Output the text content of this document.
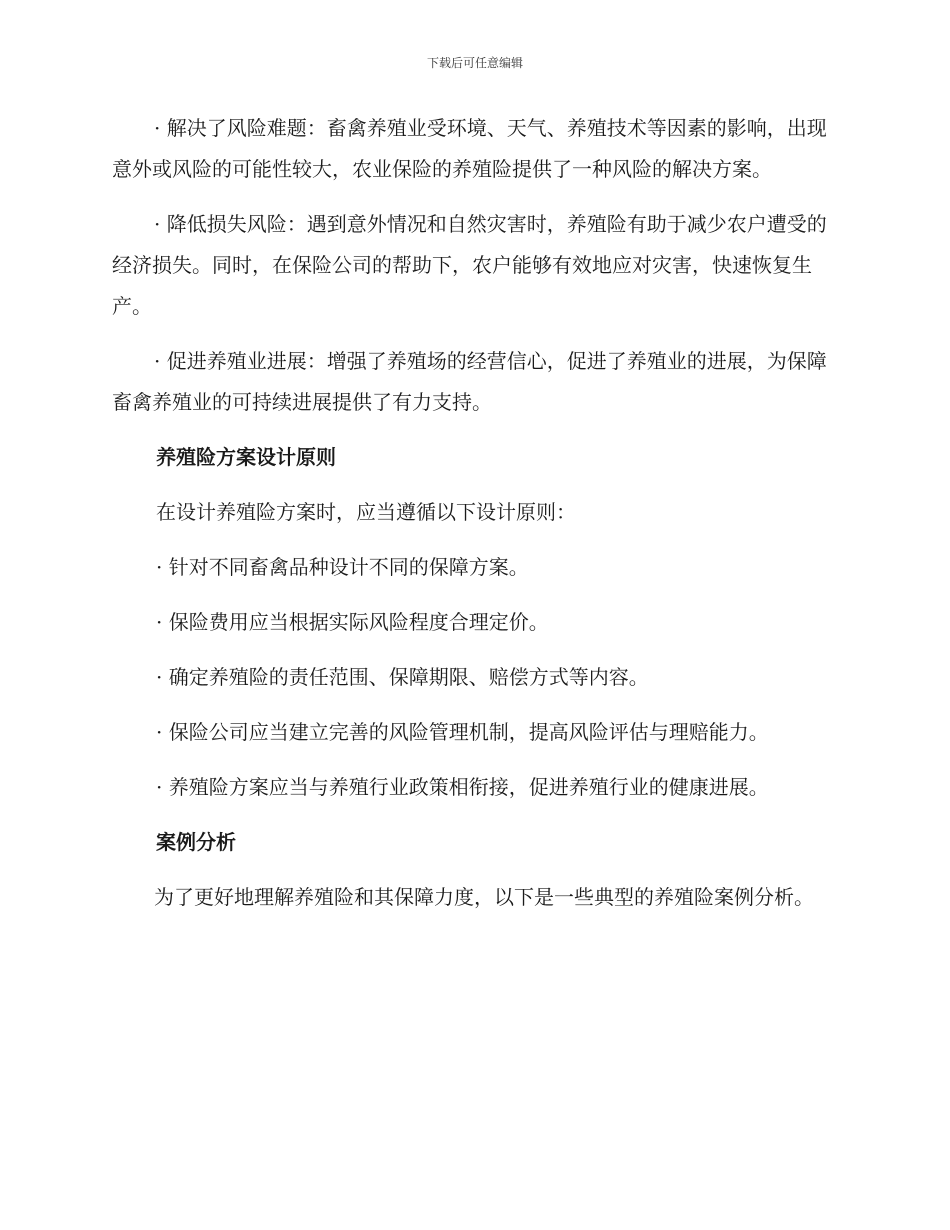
下载后可任意编辑

· 解决了风险难题：畜禽养殖业受环境、天气、养殖技术等因素的影响，出现意外或风险的可能性较大，农业保险的养殖险提供了一种风险的解决方案。

· 降低损失风险：遇到意外情况和自然灾害时，养殖险有助于减少农户遭受的经济损失。同时，在保险公司的帮助下，农户能够有效地应对灾害，快速恢复生产。

· 促进养殖业进展：增强了养殖场的经营信心，促进了养殖业的进展，为保障畜禽养殖业的可持续进展提供了有力支持。

养殖险方案设计原则

在设计养殖险方案时，应当遵循以下设计原则：

· 针对不同畜禽品种设计不同的保障方案。

· 保险费用应当根据实际风险程度合理定价。

· 确定养殖险的责任范围、保障期限、赔偿方式等内容。

· 保险公司应当建立完善的风险管理机制，提高风险评估与理赔能力。

· 养殖险方案应当与养殖行业政策相衔接，促进养殖行业的健康进展。

案例分析

为了更好地理解养殖险和其保障力度，以下是一些典型的养殖险案例分析。
